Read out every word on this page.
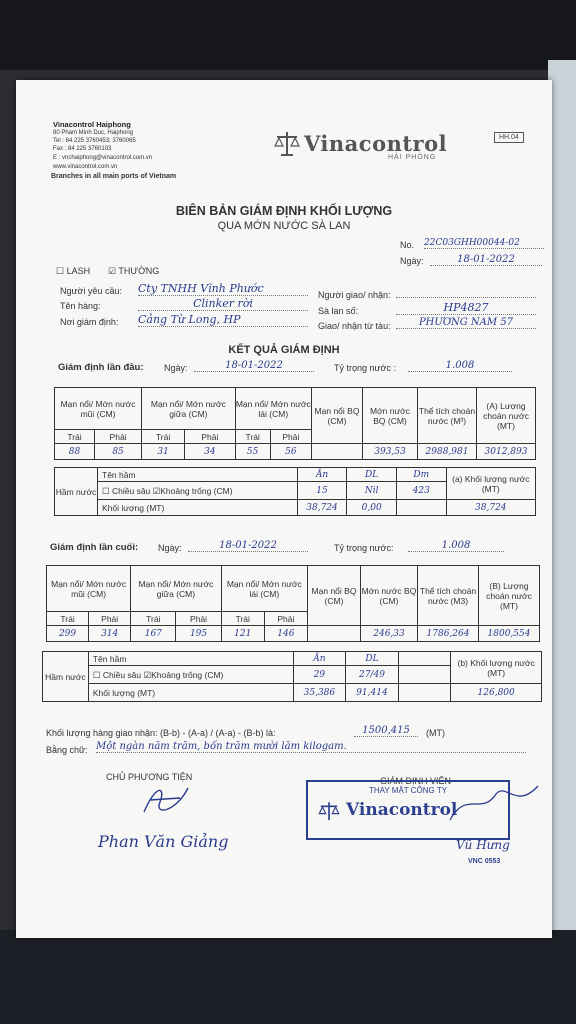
Vinacontrol Haiphong
80 Pham Minh Duc, Haiphong
Tel : 84 225 3760453; 3760065
Fax : 84 225 3760103
E : vnchaiphong@vinacontrol.com.vn
www.vinacontrol.com.vn
Branches in all main ports of Vietnam
Vinacontrol
HẢI PHÒNG
HH.04
BIÊN BẢN GIÁM ĐỊNH KHỐI LƯỢNG
QUA MỚN NƯỚC SÀ LAN
No. 22C03GHH00044-02
Ngày:	18-01-2022
☐ LASH ☑ THƯỜNG
Người yêu cầu: Cty TNHH Vĩnh Phước
Tên hàng:	Clinker rời
Nơi giám định: Cảng Từ Long, HP
Người giao/ nhận:
Sà lan số:	HP4827
Giao/ nhận từ tàu:	PHƯƠNG NAM 57
KẾT QUẢ GIÁM ĐỊNH
Giám định lần đầu: Ngày:	18-01-2022	Tỷ trọng nước :	1.008
Mạn nổi/ Mớn nước mũi (CM)		Mạn nổi/ Mớn nước giữa (CM)		Mạn nổi/ Mớn nước lái (CM)		Mạn nổi BQ (CM)	Mớn nước BQ (CM)	Thể tích choán nước (M³)	(A) Lượng choán nước (MT)
Trái	Phải	Trái	Phải	Trái	Phải				
88	85	31	34	55	56		393,53	2988,981	3012,893
Hầm nước	Tên hầm	Ăn	DL	Dm	(a) Khối lượng nước (MT)
	☐ Chiều sâu ☑Khoảng trống (CM)	15	Nil	423	
	Khối lượng (MT)	38,724	0,00		38,724
Giám định lần cuối: Ngày:	18-01-2022	Tỷ trọng nước:	1.008
Mạn nổi/ Mớn nước mũi (CM)		Mạn nổi/ Mớn nước giữa (CM)		Mạn nổi/ Mớn nước lái (CM)		Mạn nổi BQ (CM)	Mớn nước BQ (CM)	Thể tích choán nước (M3)	(B) Lượng choán nước (MT)
Trái	Phải	Trái	Phải	Trái	Phải				
299	314	167	195	121	146		246,33	1786,264	1800,554
Hầm nước	Tên hầm	Ăn	DL		(b) Khối lượng nước (MT)
	☐ Chiều sâu ☑Khoảng trống (CM)	29	27/49		
	Khối lượng (MT)	35,386	91,414		126,800
Khối lượng hàng giao nhận: (B-b) - (A-a) / (A-a) - (B-b) là:	1500,415	(MT)
Bằng chữ: Một ngàn năm trăm, bốn trăm mười lăm kilogam.
CHỦ PHƯƠNG TIỆN
Phan Văn Giảng
GIÁM ĐỊNH VIÊN
THAY MẶT CÔNG TY
Vinacontrol
Vũ Hưng
VNC 0553
